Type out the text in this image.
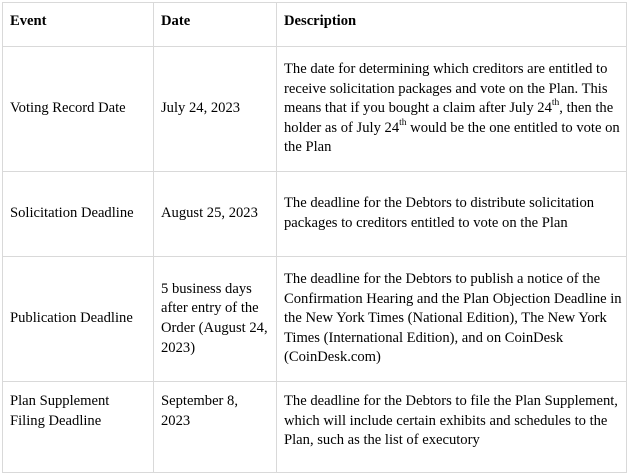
Event	Date	Description
Voting Record Date	July 24, 2023	The date for determining which creditors are entitled to receive solicitation packages and vote on the Plan. This means that if you bought a claim after July 24th, then the holder as of July 24th would be the one entitled to vote on the Plan
Solicitation Deadline	August 25, 2023	The deadline for the Debtors to distribute solicitation packages to creditors entitled to vote on the Plan
Publication Deadline	5 business days after entry of the Order (August 24, 2023)	The deadline for the Debtors to publish a notice of the Confirmation Hearing and the Plan Objection Deadline in the New York Times (National Edition), The New York Times (International Edition), and on CoinDesk (CoinDesk.com)
Plan Supplement Filing Deadline	September 8, 2023	The deadline for the Debtors to file the Plan Supplement, which will include certain exhibits and schedules to the Plan, such as the list of executory
